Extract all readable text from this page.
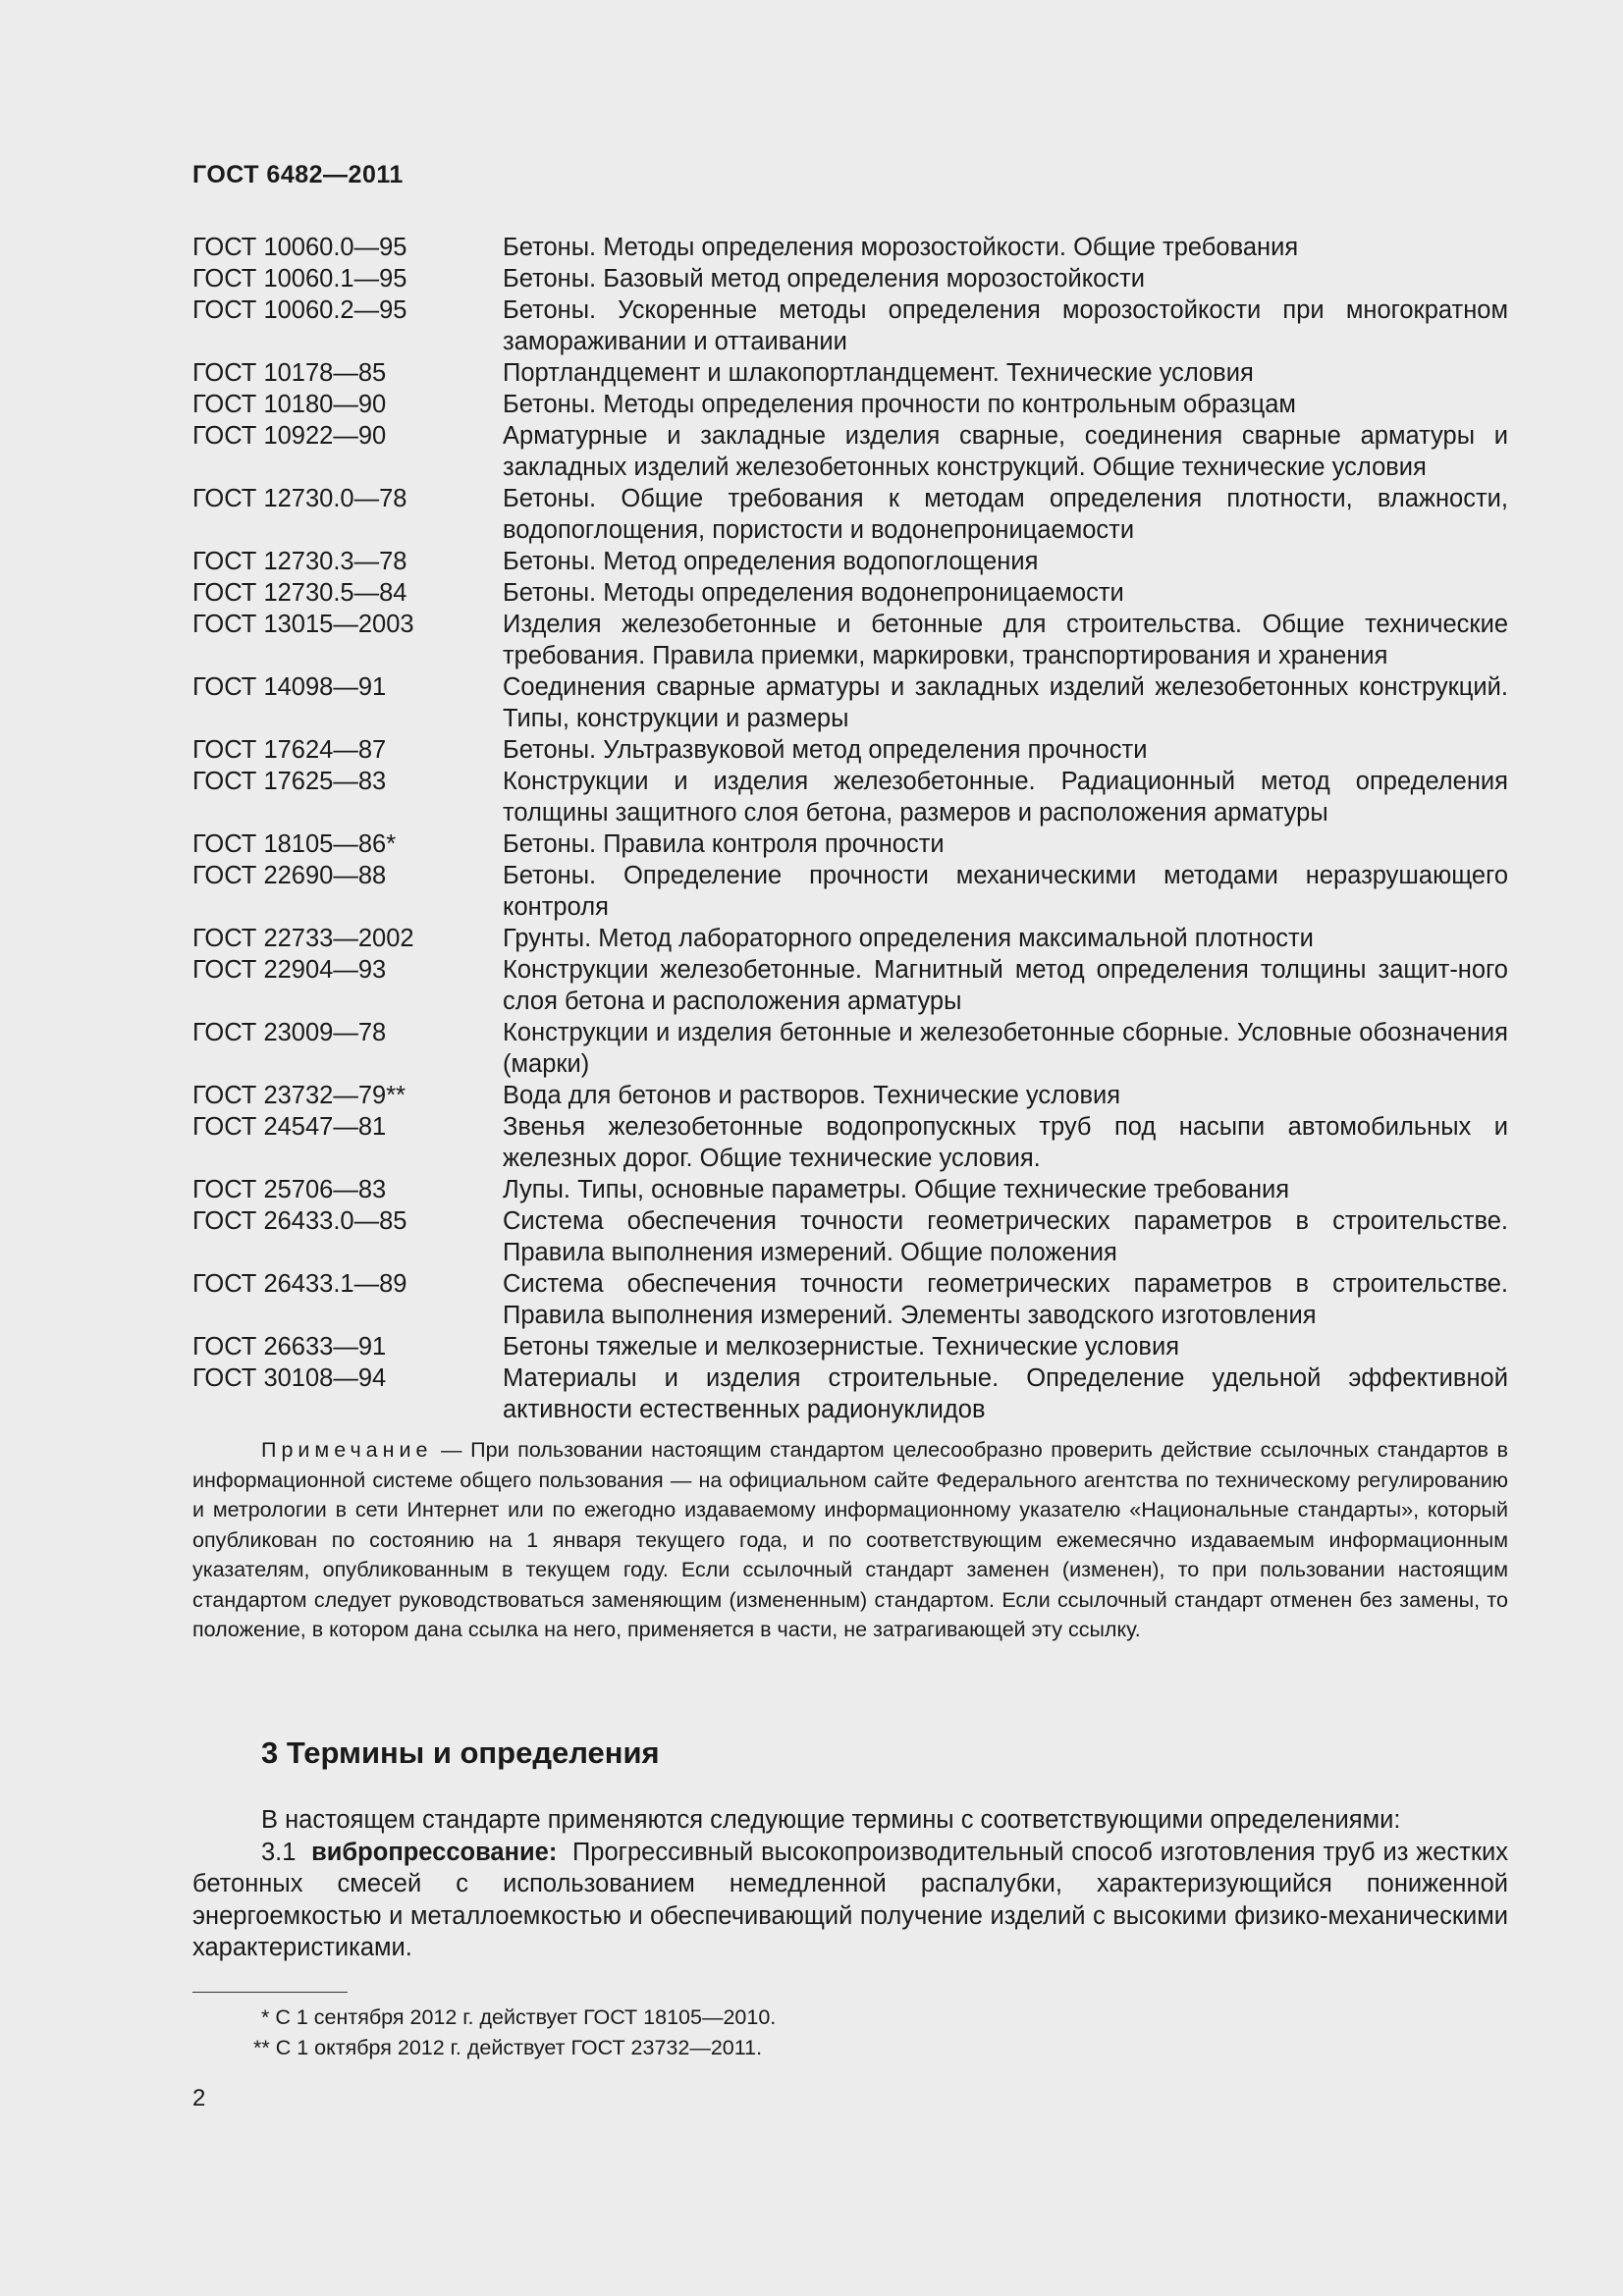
ГОСТ 6482—2011
ГОСТ 10060.0—95	Бетоны. Методы определения морозостойкости. Общие требования
ГОСТ 10060.1—95	Бетоны. Базовый метод определения морозостойкости
ГОСТ 10060.2—95	Бетоны. Ускоренные методы определения морозостойкости при многократном замораживании и оттаивании
ГОСТ 10178—85	Портландцемент и шлакопортландцемент. Технические условия
ГОСТ 10180—90	Бетоны. Методы определения прочности по контрольным образцам
ГОСТ 10922—90	Арматурные и закладные изделия сварные, соединения сварные арматуры и закладных изделий железобетонных конструкций. Общие технические условия
ГОСТ 12730.0—78	Бетоны. Общие требования к методам определения плотности, влажности, водопоглощения, пористости и водонепроницаемости
ГОСТ 12730.3—78	Бетоны. Метод определения водопоглощения
ГОСТ 12730.5—84	Бетоны. Методы определения водонепроницаемости
ГОСТ 13015—2003	Изделия железобетонные и бетонные для строительства. Общие технические требования. Правила приемки, маркировки, транспортирования и хранения
ГОСТ 14098—91	Соединения сварные арматуры и закладных изделий железобетонных конструкций. Типы, конструкции и размеры
ГОСТ 17624—87	Бетоны. Ультразвуковой метод определения прочности
ГОСТ 17625—83	Конструкции и изделия железобетонные. Радиационный метод определения толщины защитного слоя бетона, размеров и расположения арматуры
ГОСТ 18105—86*	Бетоны. Правила контроля прочности
ГОСТ 22690—88	Бетоны. Определение прочности механическими методами неразрушающего контроля
ГОСТ 22733—2002	Грунты. Метод лабораторного определения максимальной плотности
ГОСТ 22904—93	Конструкции железобетонные. Магнитный метод определения толщины защит-ного слоя бетона и расположения арматуры
ГОСТ 23009—78	Конструкции и изделия бетонные и железобетонные сборные. Условные обозначения (марки)
ГОСТ 23732—79**	Вода для бетонов и растворов. Технические условия
ГОСТ 24547—81	Звенья железобетонные водопропускных труб под насыпи автомобильных и железных дорог. Общие технические условия.
ГОСТ 25706—83	Лупы. Типы, основные параметры. Общие технические требования
ГОСТ 26433.0—85	Система обеспечения точности геометрических параметров в строительстве. Правила выполнения измерений. Общие положения
ГОСТ 26433.1—89	Система обеспечения точности геометрических параметров в строительстве. Правила выполнения измерений. Элементы заводского изготовления
ГОСТ 26633—91	Бетоны тяжелые и мелкозернистые. Технические условия
ГОСТ 30108—94	Материалы и изделия строительные. Определение удельной эффективной активности естественных радионуклидов
Примечание — При пользовании настоящим стандартом целесообразно проверить действие ссылочных стандартов в информационной системе общего пользования — на официальном сайте Федерального агентства по техническому регулированию и метрологии в сети Интернет или по ежегодно издаваемому информационному указателю «Национальные стандарты», который опубликован по состоянию на 1 января текущего года, и по соответствующим ежемесячно издаваемым информационным указателям, опубликованным в текущем году. Если ссылочный стандарт заменен (изменен), то при пользовании настоящим стандартом следует руководствоваться заменяющим (измененным) стандартом. Если ссылочный стандарт отменен без замены, то положение, в котором дана ссылка на него, применяется в части, не затрагивающей эту ссылку.
3 Термины и определения
В настоящем стандарте применяются следующие термины с соответствующими определениями:
3.1 вибропрессование: Прогрессивный высокопроизводительный способ изготовления труб из жестких бетонных смесей с использованием немедленной распалубки, характеризующийся пониженной энергоемкостью и металлоемкостью и обеспечивающий получение изделий с высокими физико-механическими характеристиками.
* С 1 сентября 2012 г. действует ГОСТ 18105—2010.
** С 1 октября 2012 г. действует ГОСТ 23732—2011.
2
